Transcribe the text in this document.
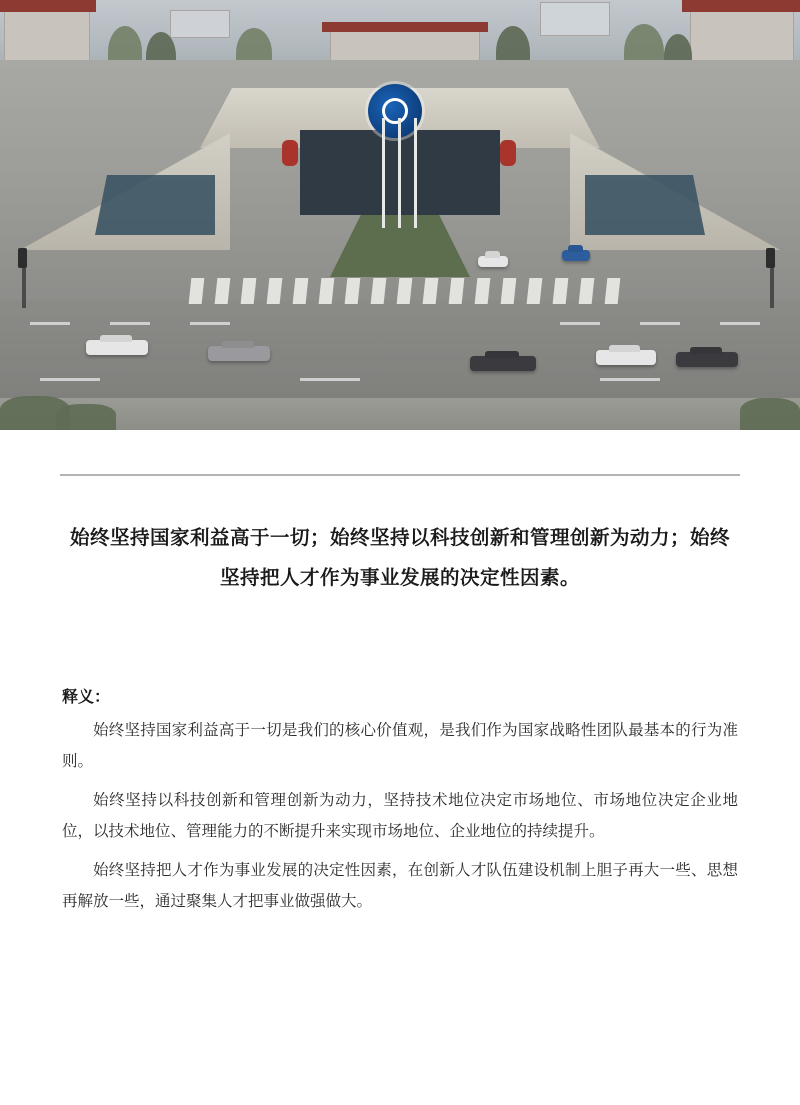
始终坚持国家利益高于一切；始终坚持以科技创新和管理创新为动力；始终坚持把人才作为事业发展的决定性因素。
释义：

始终坚持国家利益高于一切是我们的核心价值观，是我们作为国家战略性团队最基本的行为准则。

始终坚持以科技创新和管理创新为动力，坚持技术地位决定市场地位、市场地位决定企业地位，以技术地位、管理能力的不断提升来实现市场地位、企业地位的持续提升。

始终坚持把人才作为事业发展的决定性因素，在创新人才队伍建设机制上胆子再大一些、思想再解放一些，通过聚集人才把事业做强做大。
